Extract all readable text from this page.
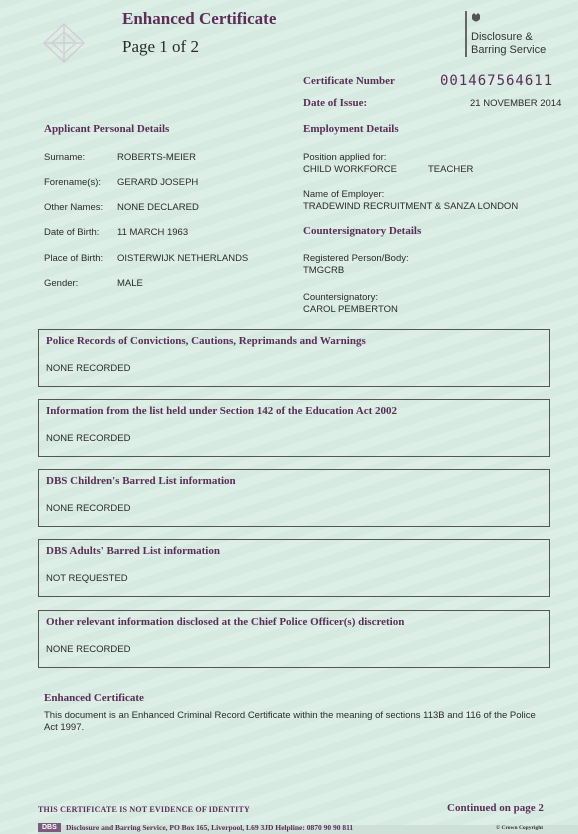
Enhanced Certificate
Page 1 of 2	Disclosure &
Barring Service
Certificate Number	001467564611
Date of Issue:	21 NOVEMBER 2014
Applicant Personal Details
Surname:	ROBERTS-MEIER
Forename(s): GERARD JOSEPH
Other Names: NONE DECLARED
Date of Birth: 11 MARCH 1963
Place of Birth: OISTERWIJK NETHERLANDS
Gender:	MALE
Employment Details
Position applied for:
CHILD WORKFORCE	TEACHER
Name of Employer:
TRADEWIND RECRUITMENT & SANZA LONDON
Countersignatory Details
Registered Person/Body:
TMGCRB
Countersignatory:
CAROL PEMBERTON
Police Records of Convictions, Cautions, Reprimands and Warnings
NONE RECORDED
Information from the list held under Section 142 of the Education Act 2002
NONE RECORDED
DBS Children's Barred List information
NONE RECORDED
DBS Adults' Barred List information
NOT REQUESTED
Other relevant information disclosed at the Chief Police Officer(s) discretion
NONE RECORDED
Enhanced Certificate
This document is an Enhanced Criminal Record Certificate within the meaning of sections 113B and 116 of the Police
Act 1997.
THIS CERTIFICATE IS NOT EVIDENCE OF IDENTITY	Continued on page 2
DBS	Disclosure and Barring Service, PO Box 165, Liverpool, L69 3JD Helpline: 0870 90 90 811	© Crown Copyright
